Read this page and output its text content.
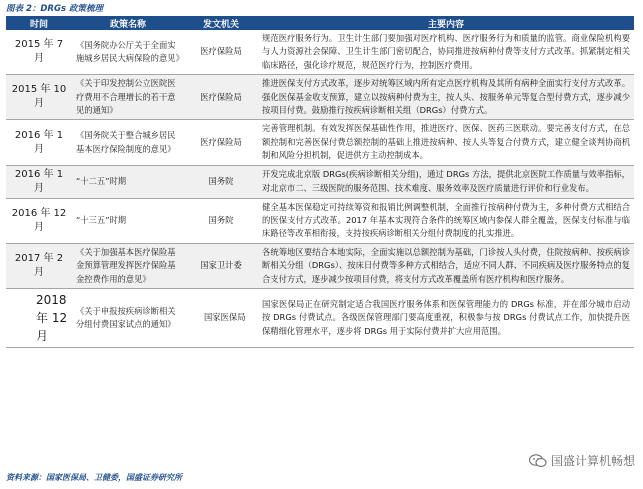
图表 2：DRGs 政策梳理
时间	政策名称	发文机关	主要内容
2015 年 7 月	《国务院办公厅关于全面实施城乡居民大病保险的意见》	医疗保险局	规范医疗服务行为。卫生计生部门要加强对医疗机构、医疗服务行为和质量的监管。商业保险机构要与人力资源社会保障、卫生计生部门密切配合，协同推进按病种付费等支付方式改革。抓紧制定相关临床路径，强化诊疗规范，规范医疗行为，控制医疗费用。
2015 年 10 月	《关于印发控制公立医院医疗费用不合理增长的若干意见的通知》	医疗保险局	推进医保支付方式改革，逐步对统筹区域内所有定点医疗机构及其所有病种全面实行支付方式改革。强化医保基金收支预算，建立以按病种付费为主，按人头、按服务单元等复合型付费方式，逐步减少按项目付费。鼓励推行按疾病诊断相关组（DRGs）付费方式。
2016 年 1 月	《国务院关于整合城乡居民基本医疗保险制度的意见》	医疗保险局	完善管理机制。有效发挥医保基础性作用，推进医疗、医保、医药三医联动。要完善支付方式，在总额控制和完善医保付费总额控制的基础上推进按病种、按人头等复合付费方式，建立健全谈判协商机制和风险分担机制，促进供方主动控制成本。
2016 年 1 月	“十二五”时期	国务院	开发完成北京版 DRGs(疾病诊断相关分组)，通过 DRGs 方法，提供北京医院工作质量与效率指标，对北京市二、三级医院的服务范围、技术难度、服务效率及医疗质量进行评价和行业发布。
2016 年 12 月	“十三五”时期	国务院	健全基本医保稳定可持续筹资和报销比例调整机制，全面推行按病种付费为主，多种付费方式相结合的医保支付方式改革。2017 年基本实现符合条件的统筹区域内参保人群全覆盖，医保支付标准与临床路径等改革相衔接，支持按疾病诊断相关分组付费制度的扎实推进。
2017 年 2 月	《关于加强基本医疗保险基金预算管理发挥医疗保险基金控费作用的意见》	国家卫计委	各统筹地区要结合本地实际，全面实施以总额控制为基础，门诊按人头付费，住院按病种、按疾病诊断相关分组（DRGs）、按床日付费等多种方式相结合，适应不同人群、不同疾病及医疗服务特点的复合支付方式，逐步减少按项目付费，将支付方式改革覆盖所有医疗机构和医疗服务。
2018 年 12 月	《关于申报按疾病诊断相关分组付费国家试点的通知》	国家医保局	国家医保局正在研究制定适合我国医疗服务体系和医保管理能力的 DRGs 标准，并在部分城市启动按 DRGs 付费试点。各级医保管理部门要高度重视，积极参与按 DRGs 付费试点工作，加快提升医保精细化管理水平，逐步将 DRGs 用于实际付费并扩大应用范围。
资料来源：国家医保局、卫健委，国盛证券研究所
国盛计算机畅想
